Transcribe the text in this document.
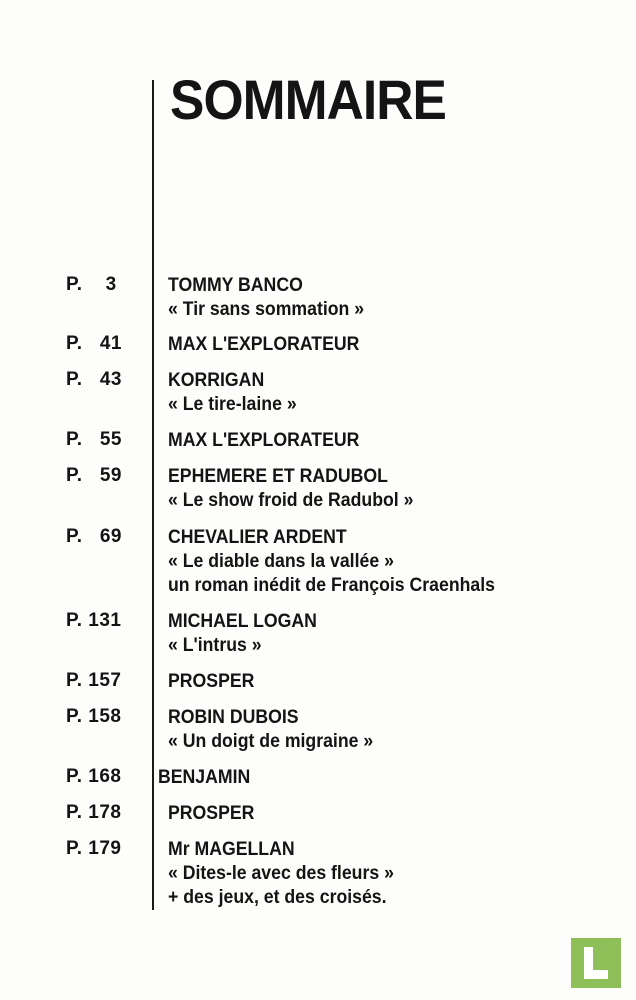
SOMMAIRE
P.    3	TOMMY BANCO
« Tir sans sommation »
P.   41	MAX L'EXPLORATEUR
P.   43	KORRIGAN
« Le tire-laine »
P.   55	MAX L'EXPLORATEUR
P.   59	EPHEMERE ET RADUBOL
« Le show froid de Radubol »
P.   69	CHEVALIER ARDENT
« Le diable dans la vallée »
un roman inédit de François Craenhals
P. 131	MICHAEL LOGAN
« L'intrus »
P. 157	PROSPER
P. 158	ROBIN DUBOIS
« Un doigt de migraine »
P. 168	BENJAMIN
P. 178	PROSPER
P. 179	Mr MAGELLAN
« Dites-le avec des fleurs »
+ des jeux, et des croisés.
